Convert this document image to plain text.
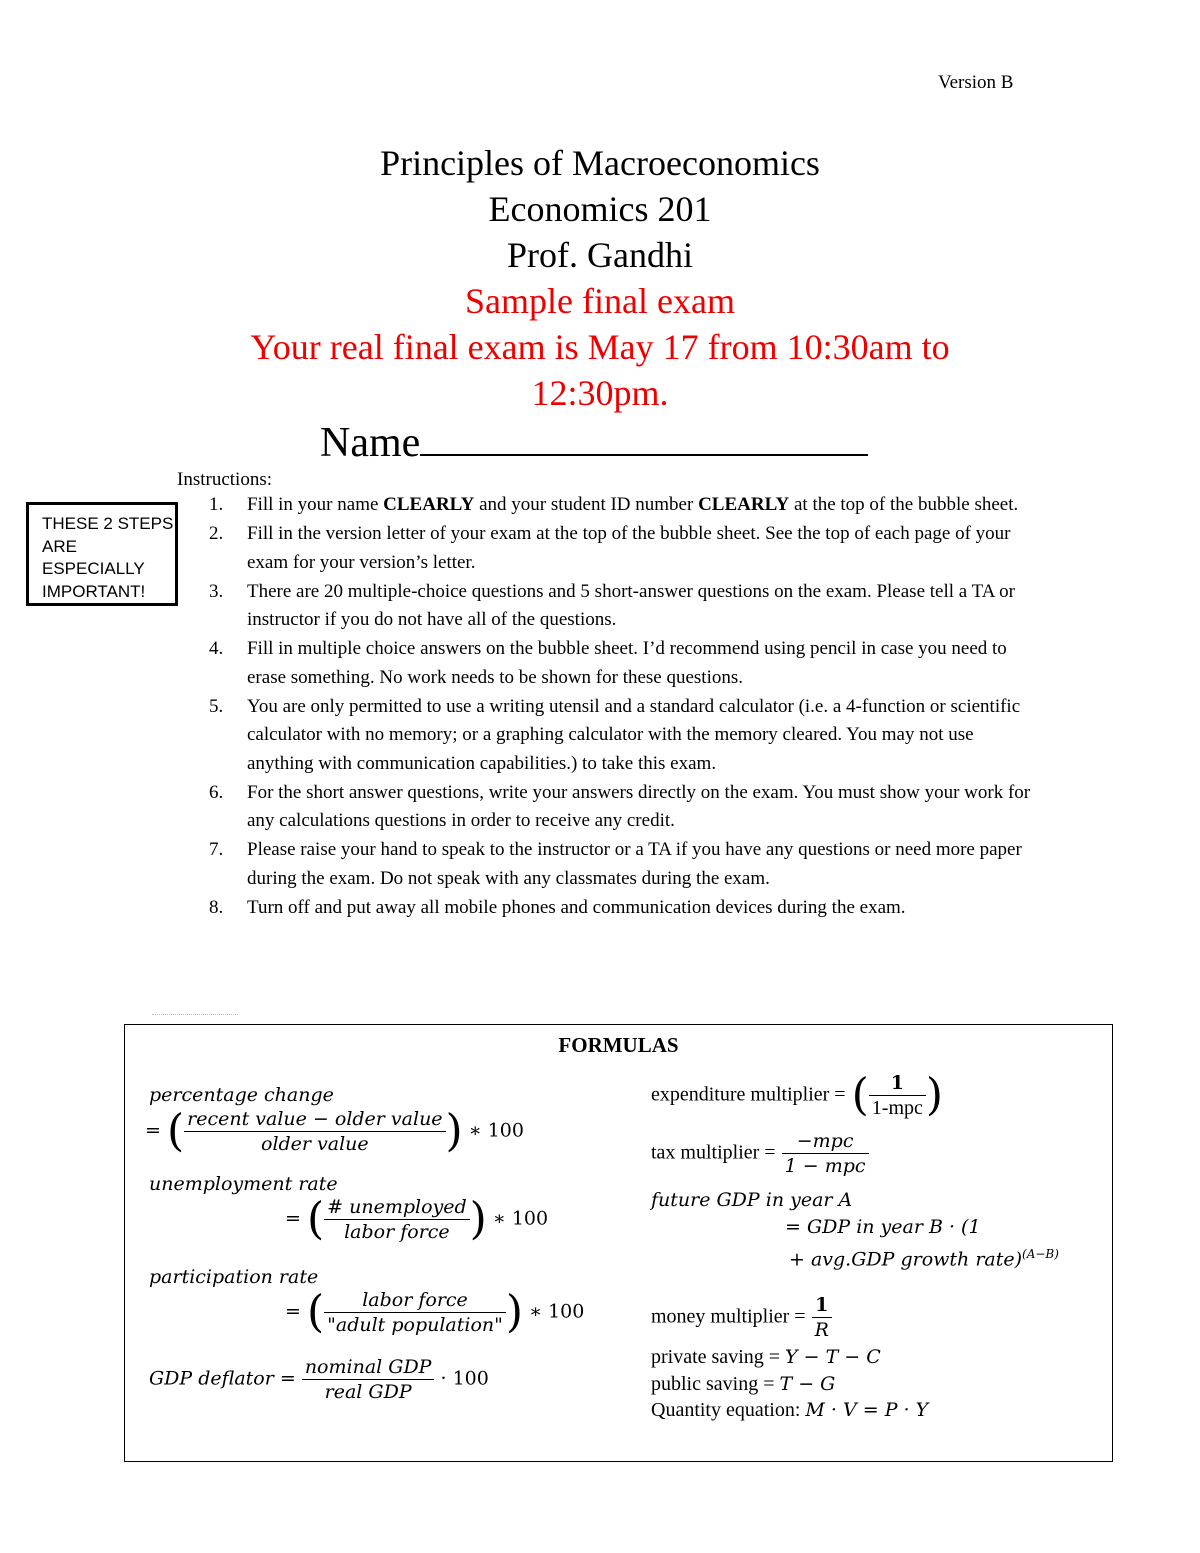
Version B
Principles of Macroeconomics
Economics 201
Prof. Gandhi
Sample final exam
Your real final exam is May 17 from 10:30am to
12:30pm.
Name
Instructions:
THESE 2 STEPS
ARE
ESPECIALLY
IMPORTANT!
1. Fill in your name CLEARLY and your student ID number CLEARLY at the top of the bubble sheet.
2. Fill in the version letter of your exam at the top of the bubble sheet. See the top of each page of your exam for your version’s letter.
3. There are 20 multiple-choice questions and 5 short-answer questions on the exam. Please tell a TA or instructor if you do not have all of the questions.
4. Fill in multiple choice answers on the bubble sheet. I’d recommend using pencil in case you need to erase something. No work needs to be shown for these questions.
5. You are only permitted to use a writing utensil and a standard calculator (i.e. a 4-function or scientific calculator with no memory; or a graphing calculator with the memory cleared. You may not use anything with communication capabilities.) to take this exam.
6. For the short answer questions, write your answers directly on the exam. You must show your work for any calculations questions in order to receive any credit.
7. Please raise your hand to speak to the instructor or a TA if you have any questions or need more paper during the exam. Do not speak with any classmates during the exam.
8. Turn off and put away all mobile phones and communication devices during the exam.
FORMULAS
percentage change
= ( $\frac{\text{recent value − older value}}{\text{older value}}$ ) ∗ 100
unemployment rate
= ( $\frac{\text{\# unemployed}}{\text{labor force}}$ ) ∗ 100
participation rate
= ( $\frac{\text{labor force}}{\text{"adult population"}}$ ) ∗ 100
GDP deflator = $\frac{\text{nominal GDP}}{\text{real GDP}} \cdot 100$
expenditure multiplier = ( $\frac{1}{\text{1-mpc}}$ )
tax multiplier = $\frac{\text{−mpc}}{\text{1 − mpc}}$
future GDP in year A
= GDP in year B · (1
+ avg.GDP growth rate)$^{(A-B)}$
money multiplier = $\frac{1}{R}$
private saving = Y − T − C
public saving = T − G
Quantity equation: M · V = P · Y
